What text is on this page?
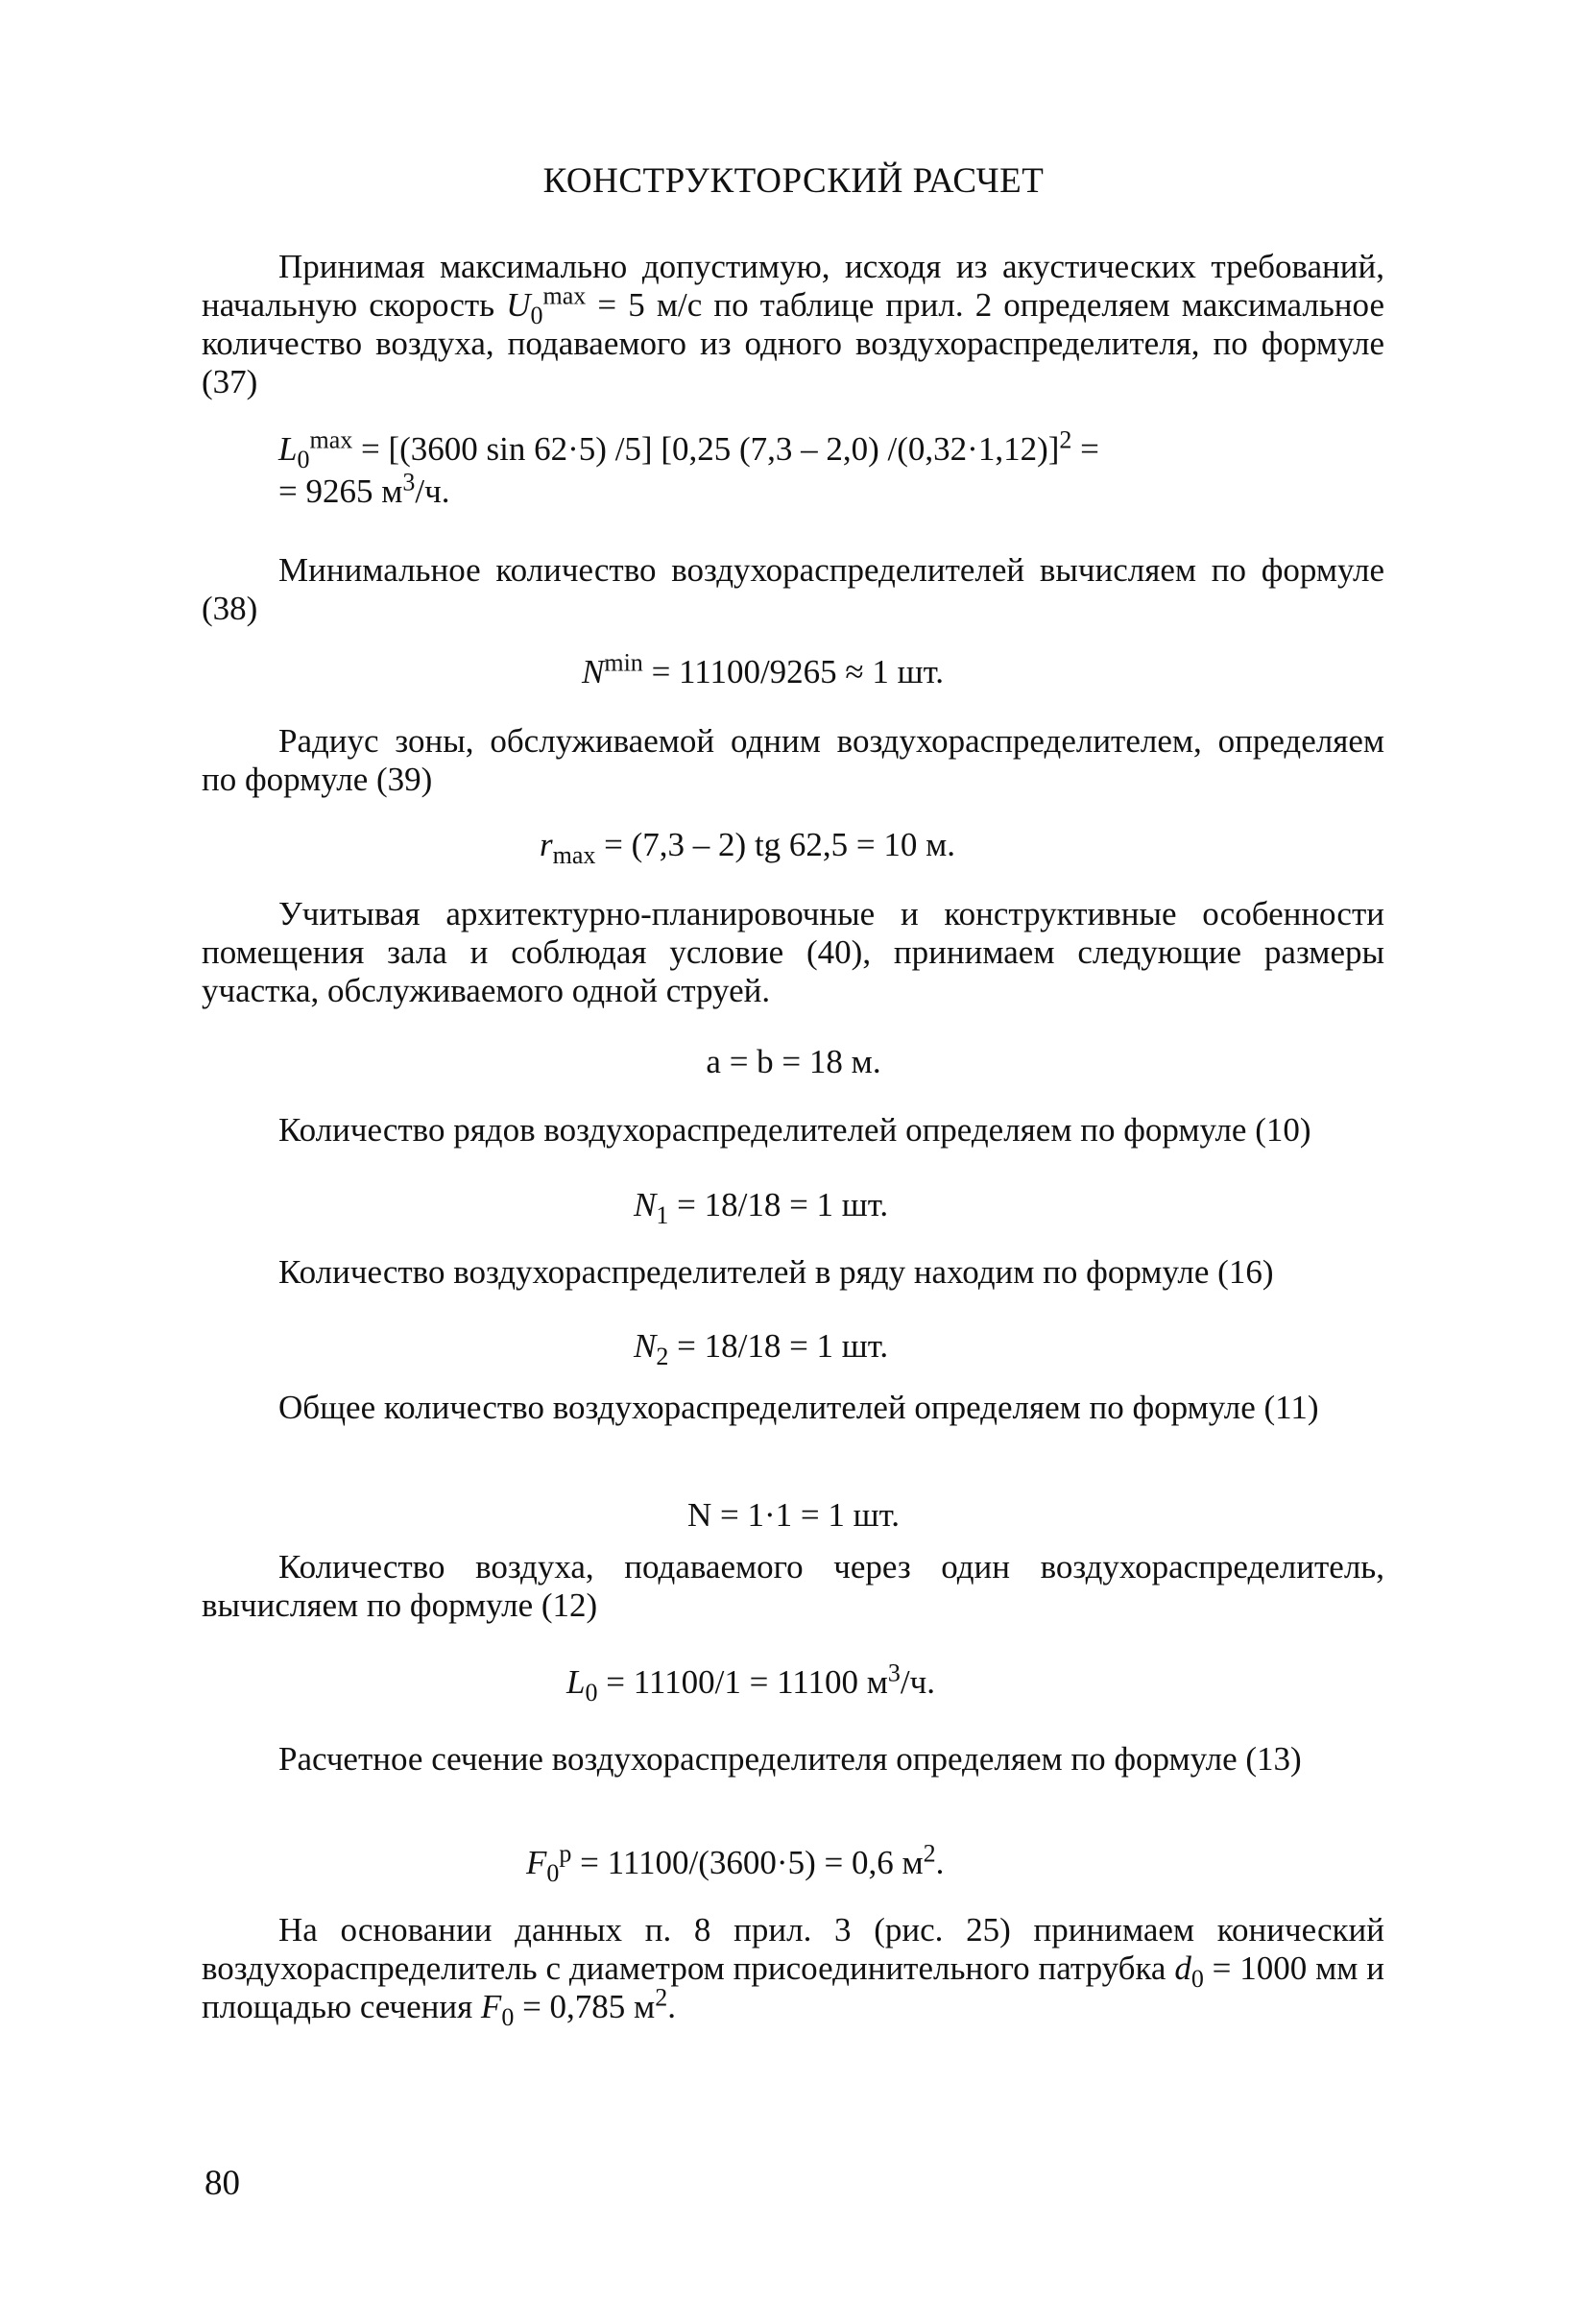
КОНСТРУКТОРСКИЙ РАСЧЕТ
Принимая максимально допустимую, исходя из акустических требований, начальную скорость $U_0^{max} = 5$ м/с по таблице прил. 2 определяем максимальное количество воздуха, подаваемого из одного воздухораспределителя, по формуле (37)
$L_0^{max} = [(3600$ sin 62·5) /5] [0,25 (7,3 – 2,0) /(0,32·1,12)]$^2$ =
= 9265 $м^3/ч$.
Минимальное количество воздухораспределителей вычисляем по формуле (38)
$N^{min} = 11100/9265 \approx 1$ шт.
Радиус зоны, обслуживаемой одним воздухораспределителем, определяем по формуле (39)
$r_{max} = (7,3 - 2)$ tg 62,5 = 10 м.
Учитывая архитектурно-планировочные и конструктивные особенности помещения зала и соблюдая условие (40), принимаем следующие размеры участка, обслуживаемого одной струей.
a = b = 18 м.
Количество рядов воздухораспределителей определяем по формуле (10)
$N_1 = 18/18 = 1$ шт.
Количество воздухораспределителей в ряду находим по формуле (16)
$N_2 = 18/18 = 1$ шт.
Общее количество воздухораспределителей определяем по формуле (11)
N = 1·1 = 1 шт.
Количество воздуха, подаваемого через один воздухораспределитель, вычисляем по формуле (12)
$L_0 = 11100/1 = 11100$ $м^3/ч$.
Расчетное сечение воздухораспределителя определяем по формуле (13)
$F_0^p = 11100/(3600\cdot 5) = 0,6$ $м^2$.
На основании данных п. 8 прил. 3 (рис. 25) принимаем конический воздухораспределитель с диаметром присоединительного патрубка $d_0 = 1000$ мм и площадью сечения $F_0 = 0,785$ $м^2$.
80
